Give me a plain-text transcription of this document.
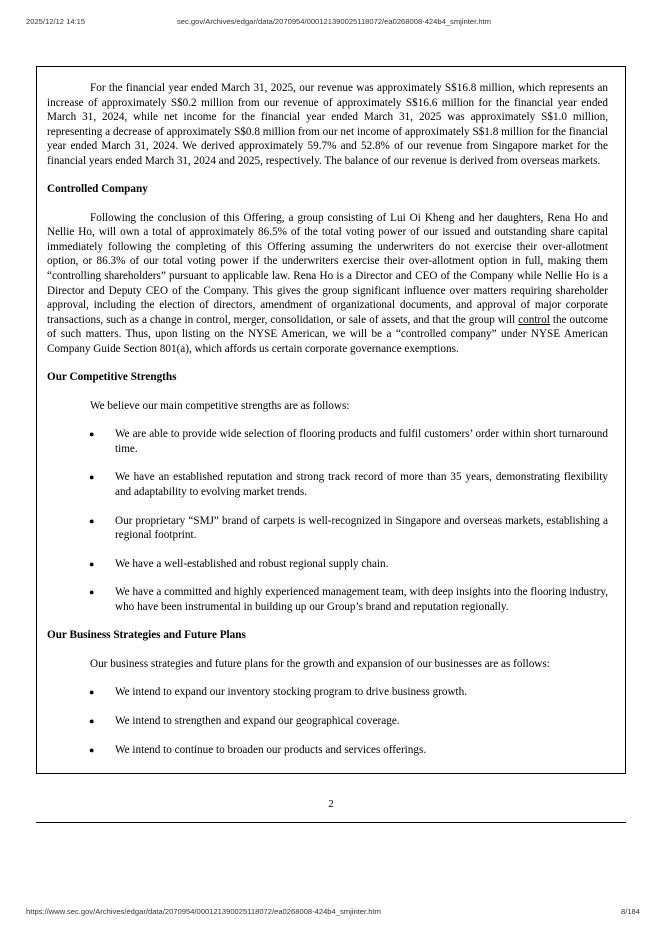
2025/12/12 14:15	sec.gov/Archives/edgar/data/2070954/000121390025118072/ea0268008-424b4_smjinter.htm

For the financial year ended March 31, 2025, our revenue was approximately S$16.8 million, which represents an increase of approximately S$0.2 million from our revenue of approximately S$16.6 million for the financial year ended March 31, 2024, while net income for the financial year ended March 31, 2025 was approximately S$1.0 million, representing a decrease of approximately S$0.8 million from our net income of approximately S$1.8 million for the financial year ended March 31, 2024. We derived approximately 59.7% and 52.8% of our revenue from Singapore market for the financial years ended March 31, 2024 and 2025, respectively. The balance of our revenue is derived from overseas markets.

Controlled Company

Following the conclusion of this Offering, a group consisting of Lui Oi Kheng and her daughters, Rena Ho and Nellie Ho, will own a total of approximately 86.5% of the total voting power of our issued and outstanding share capital immediately following the completing of this Offering assuming the underwriters do not exercise their over-allotment option, or 86.3% of our total voting power if the underwriters exercise their over-allotment option in full, making them “controlling shareholders” pursuant to applicable law. Rena Ho is a Director and CEO of the Company while Nellie Ho is a Director and Deputy CEO of the Company. This gives the group significant influence over matters requiring shareholder approval, including the election of directors, amendment of organizational documents, and approval of major corporate transactions, such as a change in control, merger, consolidation, or sale of assets, and that the group will control the outcome of such matters. Thus, upon listing on the NYSE American, we will be a “controlled company” under NYSE American Company Guide Section 801(a), which affords us certain corporate governance exemptions.

Our Competitive Strengths

We believe our main competitive strengths are as follows:

● We are able to provide wide selection of flooring products and fulfil customers’ order within short turnaround time.
● We have an established reputation and strong track record of more than 35 years, demonstrating flexibility and adaptability to evolving market trends.
● Our proprietary “SMJ” brand of carpets is well-recognized in Singapore and overseas markets, establishing a regional footprint.
● We have a well-established and robust regional supply chain.
● We have a committed and highly experienced management team, with deep insights into the flooring industry, who have been instrumental in building up our Group’s brand and reputation regionally.
Our Business Strategies and Future Plans

Our business strategies and future plans for the growth and expansion of our businesses are as follows:

● We intend to expand our inventory stocking program to drive business growth.
● We intend to strengthen and expand our geographical coverage.
● We intend to continue to broaden our products and services offerings.
2
https://www.sec.gov/Archives/edgar/data/2070954/000121390025118072/ea0268008-424b4_smjinter.htm	8/184
